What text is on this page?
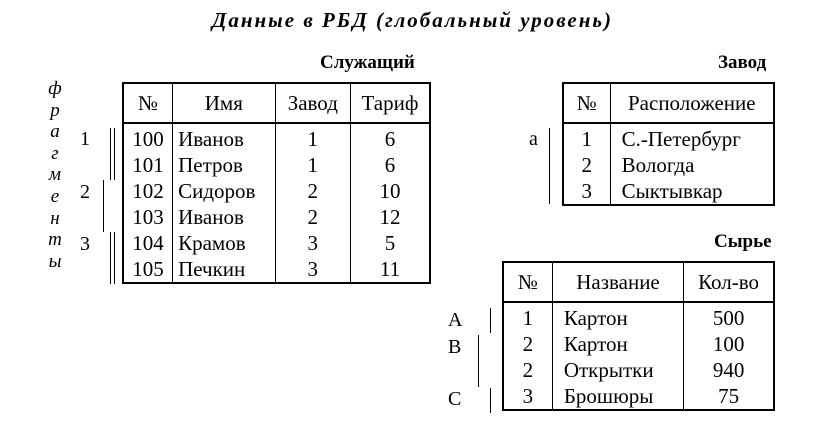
Данные в РБД (глобальный уровень)
Служащий
ф
р
а
г
м
е
н
т
ы
1
2
3
№	Имя	Завод	Тариф
100	Иванов	1	6
101	Петров	1	6
102	Сидоров	2	10
103	Иванов	2	12
104	Крамов	3	5
105	Печкин	3	11
Завод
а
№	Расположение
1	С.-Петербург
2	Вологда
3	Сыктывкар
Сырье
A
B
C
№	Название	Кол-во
1	Картон	500
2	Картон	100
2	Открытки	940
3	Брошюры	75
